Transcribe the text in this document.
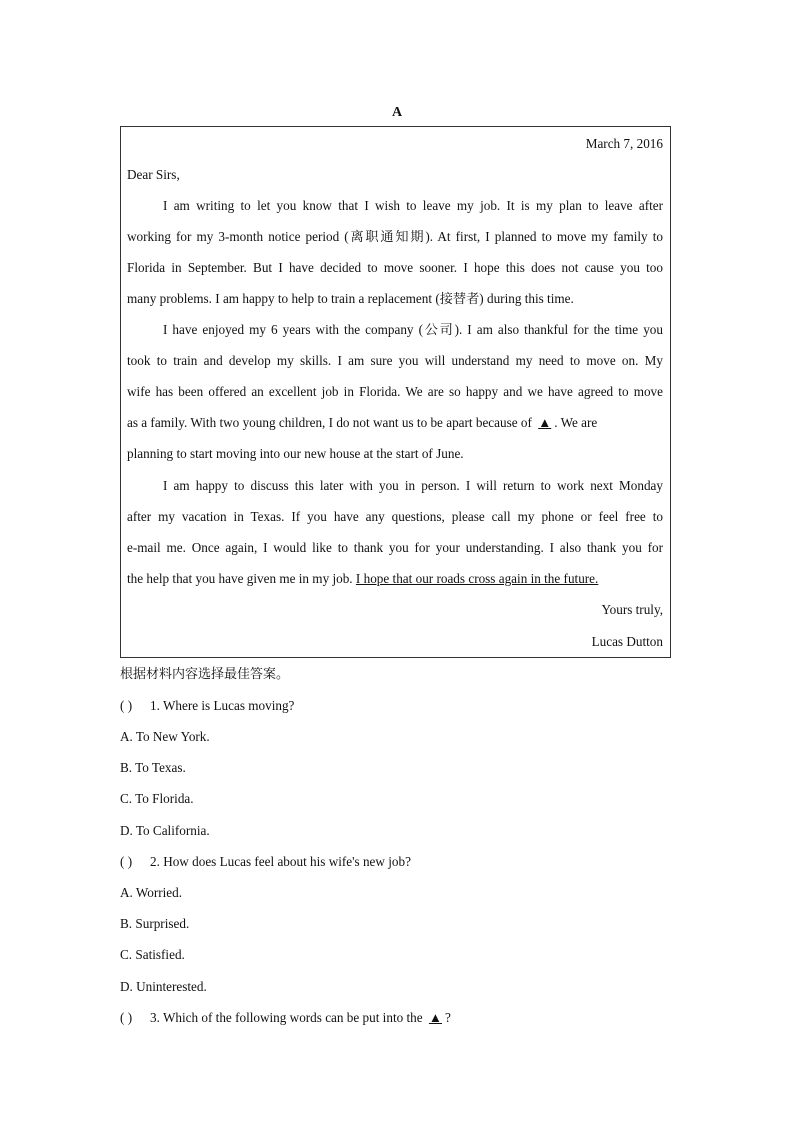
A
March 7, 2016
Dear Sirs,
I am writing to let you know that I wish to leave my job. It is my plan to leave after
working for my 3-month notice period (离职通知期). At first, I planned to move my family to
Florida in September. But I have decided to move sooner. I hope this does not cause you too
many problems. I am happy to help to train a replacement (接替者) during this time.
I have enjoyed my 6 years with the company (公司). I am also thankful for the time you
took to train and develop my skills. I am sure you will understand my need to move on. My
wife has been offered an excellent job in Florida. We are so happy and we have agreed to move
as a family. With two young children, I do not want us to be apart because of ▲ . We are
planning to start moving into our new house at the start of June.
I am happy to discuss this later with you in person. I will return to work next Monday
after my vacation in Texas. If you have any questions, please call my phone or feel free to
e-mail me. Once again, I would like to thank you for your understanding. I also thank you for
the help that you have given me in my job. I hope that our roads cross again in the future.
Yours truly,
Lucas Dutton
根据材料内容选择最佳答案。
( ) 1. Where is Lucas moving?
A. To New York.
B. To Texas.
C. To Florida.
D. To California.
( ) 2. How does Lucas feel about his wife's new job?
A. Worried.
B. Surprised.
C. Satisfied.
D. Uninterested.
( ) 3. Which of the following words can be put into the ▲ ?
